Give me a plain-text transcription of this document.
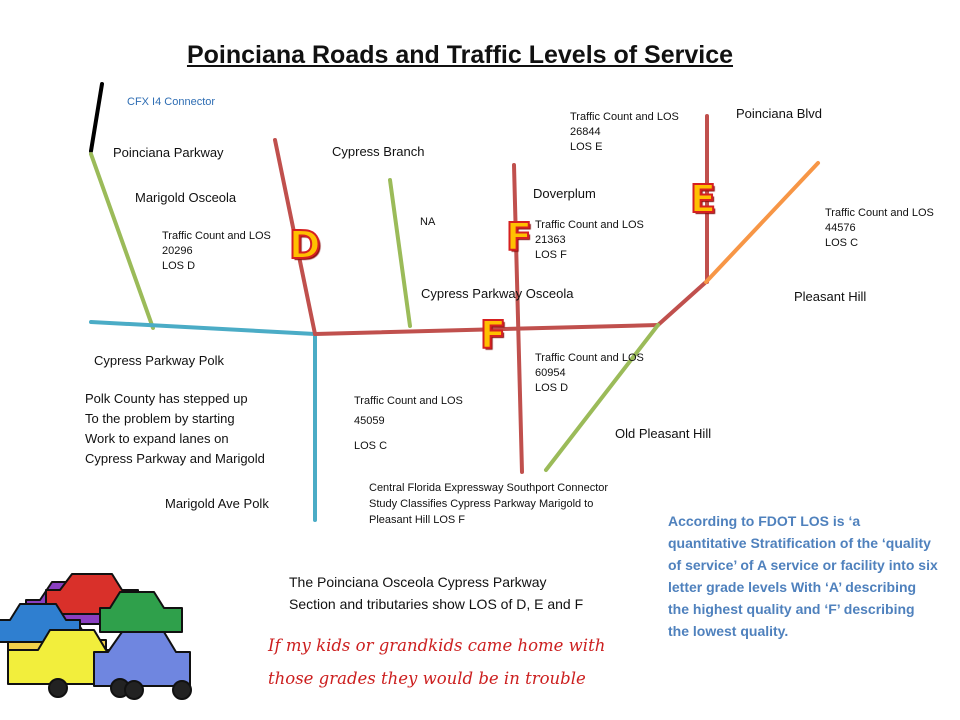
Poinciana Roads and Traffic Levels of Service
CFX I4 Connector
Poinciana Parkway
Marigold Osceola
Cypress Branch
NA
Doverplum
Poinciana Blvd
Pleasant Hill
Cypress Parkway Osceola
Cypress Parkway Polk
Old Pleasant Hill
Marigold Ave Polk
D	F
E
F
Traffic Count and LOS
20296
LOS D
Traffic Count and LOS
21363
LOS F
Traffic Count and LOS
26844
LOS E
Traffic Count and LOS
44576
LOS C
Traffic Count and LOS
60954
LOS D
Traffic Count and LOS
45059
LOS C
Polk County has stepped up
To the problem by starting
Work to expand lanes on
Cypress Parkway and Marigold
Central Florida Expressway Southport Connector
Study Classifies Cypress Parkway Marigold to
Pleasant Hill LOS F
The Poinciana Osceola Cypress Parkway
Section and tributaries show LOS of D, E and F
According to FDOT LOS is ‘a quantitative Stratification of the ‘quality of service’ of A service or facility into six letter grade levels With ‘A’ describing the highest quality and ‘F’ describing the lowest quality.
If my kids or grandkids came home with
those grades they would be in trouble
